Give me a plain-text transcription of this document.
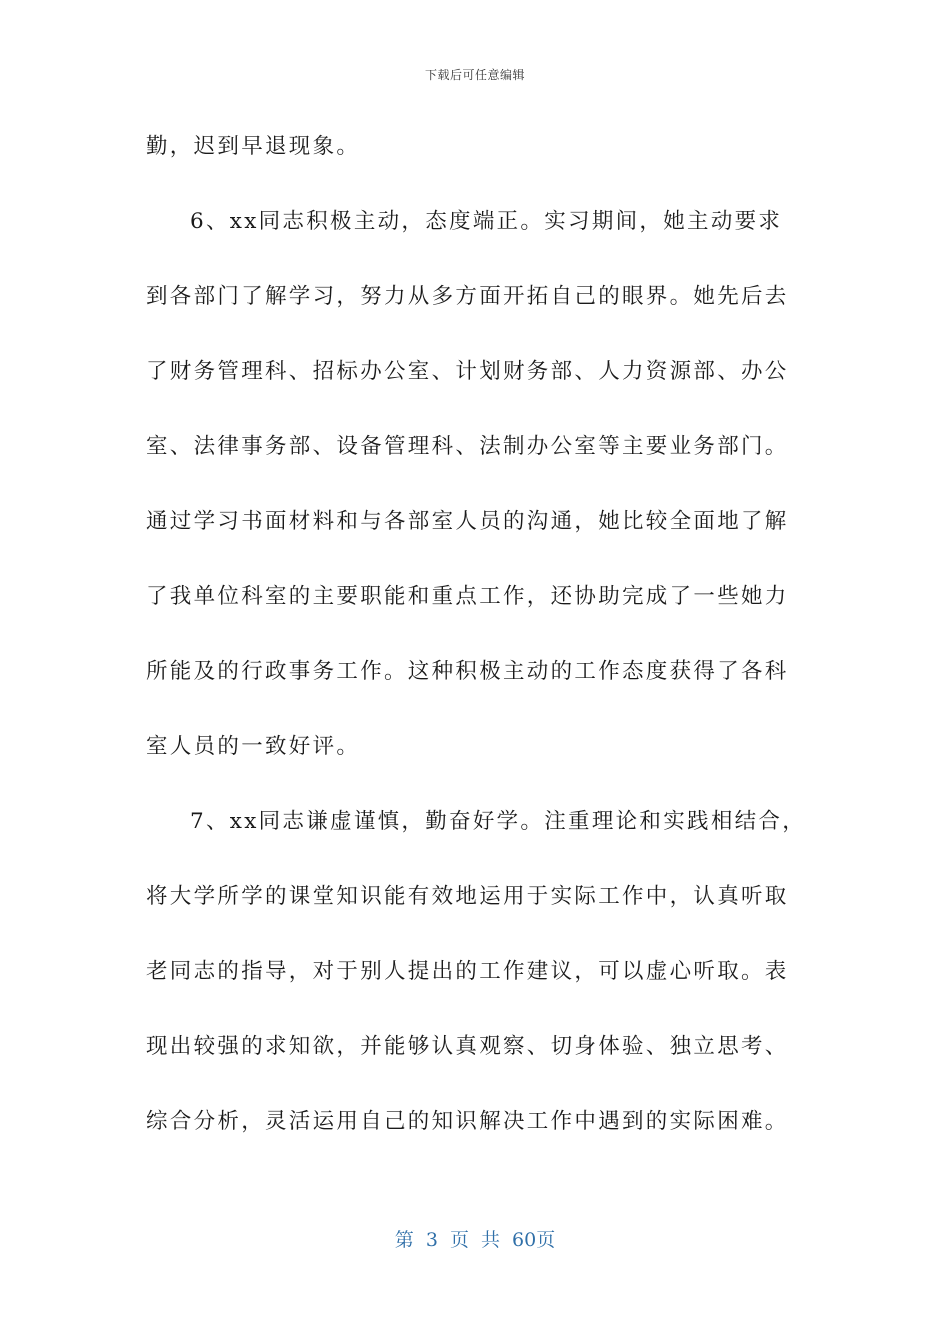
下载后可任意编辑
勤，迟到早退现象。
6、xx同志积极主动，态度端正。实习期间，她主动要求
到各部门了解学习，努力从多方面开拓自己的眼界。她先后去
了财务管理科、招标办公室、计划财务部、人力资源部、办公
室、法律事务部、设备管理科、法制办公室等主要业务部门。
通过学习书面材料和与各部室人员的沟通，她比较全面地了解
了我单位科室的主要职能和重点工作，还协助完成了一些她力
所能及的行政事务工作。这种积极主动的工作态度获得了各科
室人员的一致好评。
7、xx同志谦虚谨慎，勤奋好学。注重理论和实践相结合，
将大学所学的课堂知识能有效地运用于实际工作中，认真听取
老同志的指导，对于别人提出的工作建议，可以虚心听取。表
现出较强的求知欲，并能够认真观察、切身体验、独立思考、
综合分析，灵活运用自己的知识解决工作中遇到的实际困难。
第 3 页 共 60页
